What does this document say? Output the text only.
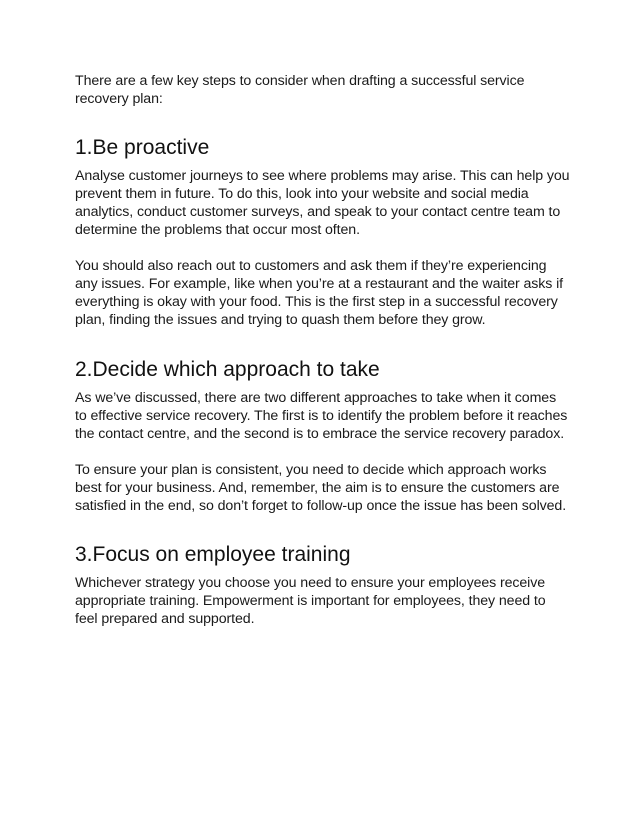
There are a few key steps to consider when drafting a successful service recovery plan:

1.Be proactive

Analyse customer journeys to see where problems may arise. This can help you prevent them in future. To do this, look into your website and social media analytics, conduct customer surveys, and speak to your contact centre team to determine the problems that occur most often.

You should also reach out to customers and ask them if they’re experiencing any issues. For example, like when you’re at a restaurant and the waiter asks if everything is okay with your food. This is the first step in a successful recovery plan, finding the issues and trying to quash them before they grow.

2.Decide which approach to take

As we’ve discussed, there are two different approaches to take when it comes to effective service recovery. The first is to identify the problem before it reaches the contact centre, and the second is to embrace the service recovery paradox.

To ensure your plan is consistent, you need to decide which approach works best for your business. And, remember, the aim is to ensure the customers are satisfied in the end, so don’t forget to follow-up once the issue has been solved.

3.Focus on employee training

Whichever strategy you choose you need to ensure your employees receive appropriate training. Empowerment is important for employees, they need to feel prepared and supported.
